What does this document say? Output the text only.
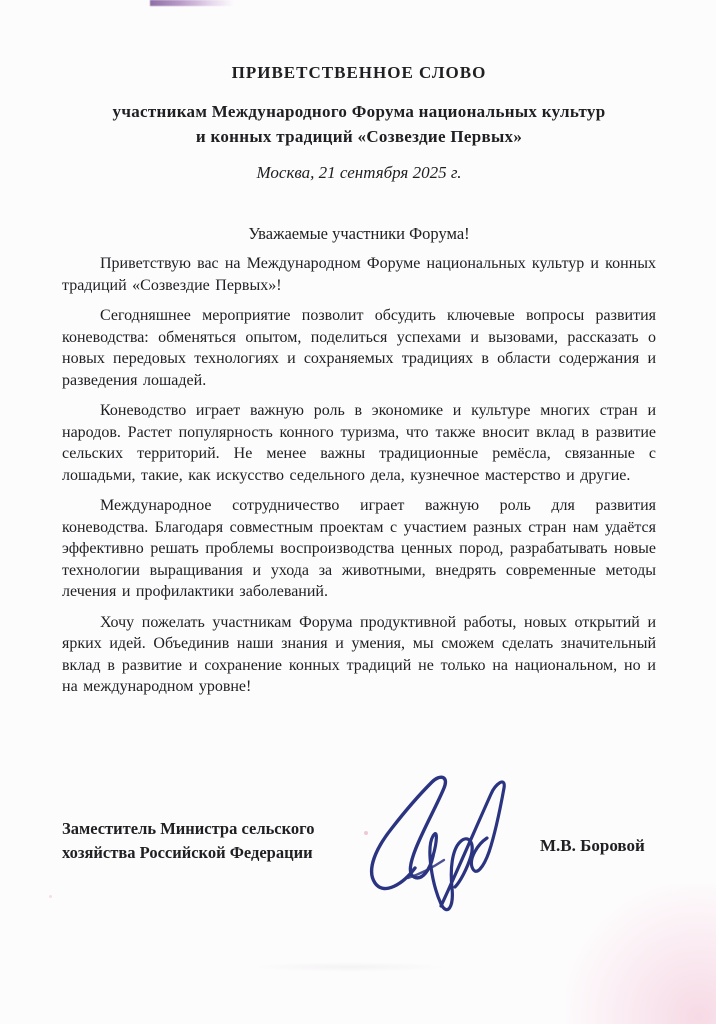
ПРИВЕТСТВЕННОЕ СЛОВО
участникам Международного Форума национальных культур
и конных традиций «Созвездие Первых»
Москва, 21 сентября 2025 г.
Уважаемые участники Форума!

Приветствую вас на Международном Форуме национальных культур и конных традиций «Созвездие Первых»!

Сегодняшнее мероприятие позволит обсудить ключевые вопросы развития коневодства: обменяться опытом, поделиться успехами и вызовами, рассказать о новых передовых технологиях и сохраняемых традициях в области содержания и разведения лошадей.

Коневодство играет важную роль в экономике и культуре многих стран и народов. Растет популярность конного туризма, что также вносит вклад в развитие сельских территорий. Не менее важны традиционные ремёсла, связанные с лошадьми, такие, как искусство седельного дела, кузнечное мастерство и другие.

Международное сотрудничество играет важную роль для развития коневодства. Благодаря совместным проектам с участием разных стран нам удаётся эффективно решать проблемы воспроизводства ценных пород, разрабатывать новые технологии выращивания и ухода за животными, внедрять современные методы лечения и профилактики заболеваний.

Хочу пожелать участникам Форума продуктивной работы, новых открытий и ярких идей. Объединив наши знания и умения, мы сможем сделать значительный вклад в развитие и сохранение конных традиций не только на национальном, но и на международном уровне!

Заместитель Министра сельского
хозяйства Российской Федерации	М.В. Боровой
